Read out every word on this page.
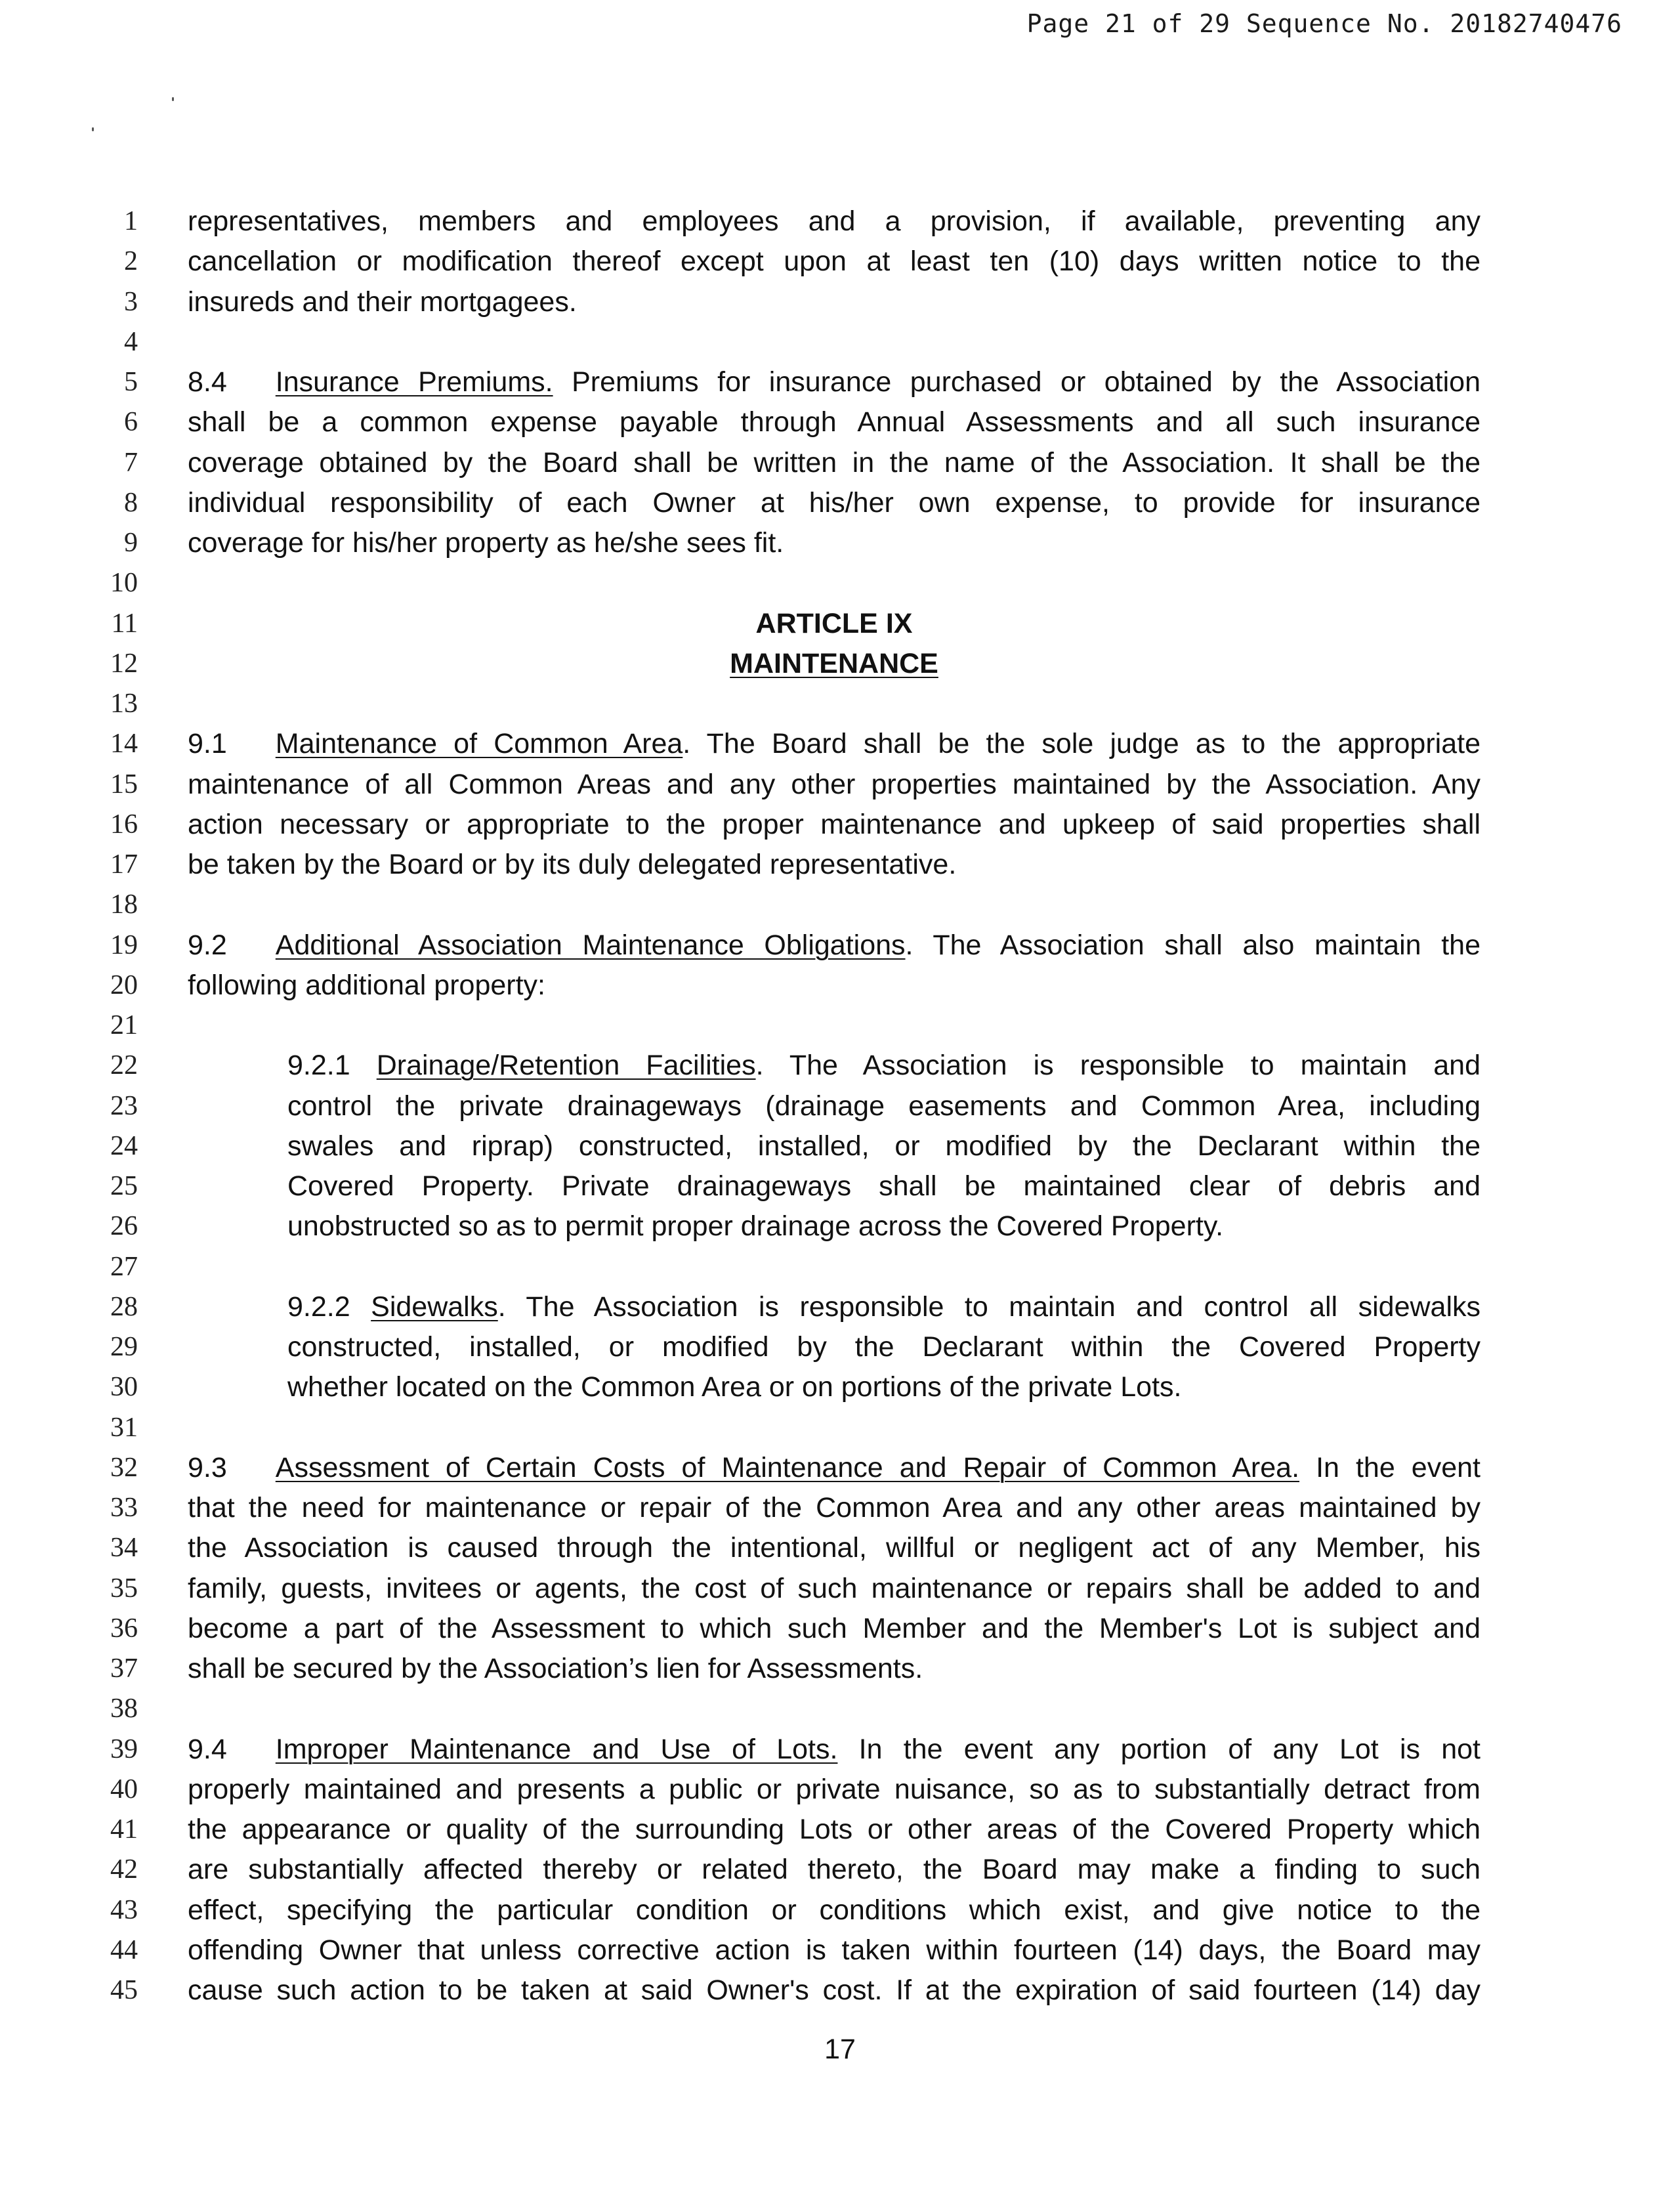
Page 21 of 29 Sequence No. 20182740476
1 representatives, members and employees and a provision, if available, preventing any
2 cancellation or modification thereof except upon at least ten (10) days written notice to the
3 insureds and their mortgagees.
4
5 8.4 Insurance Premiums. Premiums for insurance purchased or obtained by the Association
6 shall be a common expense payable through Annual Assessments and all such insurance
7 coverage obtained by the Board shall be written in the name of the Association. It shall be the
8 individual responsibility of each Owner at his/her own expense, to provide for insurance
9 coverage for his/her property as he/she sees fit.
10
11	ARTICLE IX
12	MAINTENANCE
13
14 9.1 Maintenance of Common Area. The Board shall be the sole judge as to the appropriate
15 maintenance of all Common Areas and any other properties maintained by the Association. Any
16 action necessary or appropriate to the proper maintenance and upkeep of said properties shall
17 be taken by the Board or by its duly delegated representative.
18
19 9.2 Additional Association Maintenance Obligations. The Association shall also maintain the
20 following additional property:
21
22	9.2.1 Drainage/Retention Facilities. The Association is responsible to maintain and
23	control the private drainageways (drainage easements and Common Area, including
24	swales and riprap) constructed, installed, or modified by the Declarant within the
25	Covered Property. Private drainageways shall be maintained clear of debris and
26	unobstructed so as to permit proper drainage across the Covered Property.
27
28	9.2.2 Sidewalks. The Association is responsible to maintain and control all sidewalks
29	constructed, installed, or modified by the Declarant within the Covered Property
30	whether located on the Common Area or on portions of the private Lots.
31
32 9.3 Assessment of Certain Costs of Maintenance and Repair of Common Area. In the event
33 that the need for maintenance or repair of the Common Area and any other areas maintained by
34 the Association is caused through the intentional, willful or negligent act of any Member, his
35 family, guests, invitees or agents, the cost of such maintenance or repairs shall be added to and
36 become a part of the Assessment to which such Member and the Member's Lot is subject and
37 shall be secured by the Association’s lien for Assessments.
38
39 9.4 Improper Maintenance and Use of Lots. In the event any portion of any Lot is not
40 properly maintained and presents a public or private nuisance, so as to substantially detract from
41 the appearance or quality of the surrounding Lots or other areas of the Covered Property which
42 are substantially affected thereby or related thereto, the Board may make a finding to such
43 effect, specifying the particular condition or conditions which exist, and give notice to the
44 offending Owner that unless corrective action is taken within fourteen (14) days, the Board may
45 cause such action to be taken at said Owner's cost. If at the expiration of said fourteen (14) day
17
